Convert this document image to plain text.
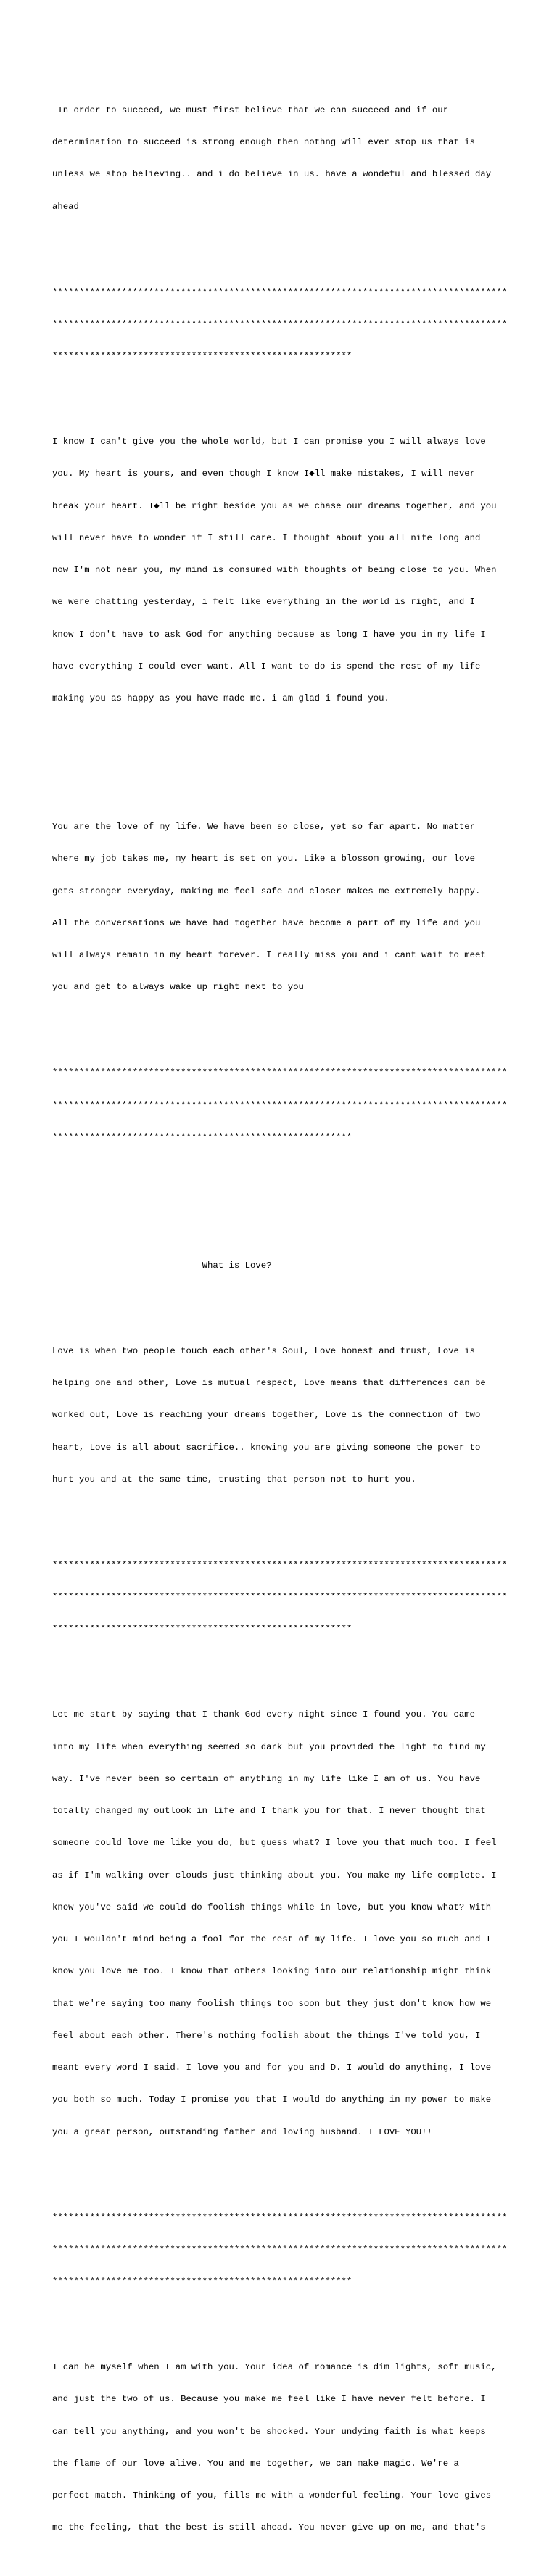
In order to succeed, we must first believe that we can succeed and if our

determination to succeed is strong enough then nothng will ever stop us that is

unless we stop believing.. and i do believe in us. have a wondeful and blessed day

ahead

*************************************************************************************

*************************************************************************************

********************************************************

I know I can't give you the whole world, but I can promise you I will always love

you. My heart is yours, and even though I know I◆ll make mistakes, I will never

break your heart. I◆ll be right beside you as we chase our dreams together, and you

will never have to wonder if I still care. I thought about you all nite long and

now I'm not near you, my mind is consumed with thoughts of being close to you. When

we were chatting yesterday, i felt like everything in the world is right, and I

know I don't have to ask God for anything because as long I have you in my life I

have everything I could ever want. All I want to do is spend the rest of my life

making you as happy as you have made me. i am glad i found you.

You are the love of my life. We have been so close, yet so far apart. No matter

where my job takes me, my heart is set on you. Like a blossom growing, our love

gets stronger everyday, making me feel safe and closer makes me extremely happy.

All the conversations we have had together have become a part of my life and you

will always remain in my heart forever. I really miss you and i cant wait to meet

you and get to always wake up right next to you

*************************************************************************************

*************************************************************************************

********************************************************

What is Love?

Love is when two people touch each other's Soul, Love honest and trust, Love is

helping one and other, Love is mutual respect, Love means that differences can be

worked out, Love is reaching your dreams together, Love is the connection of two

heart, Love is all about sacrifice.. knowing you are giving someone the power to

hurt you and at the same time, trusting that person not to hurt you.

*************************************************************************************

*************************************************************************************

********************************************************

Let me start by saying that I thank God every night since I found you. You came

into my life when everything seemed so dark but you provided the light to find my

way. I've never been so certain of anything in my life like I am of us. You have

totally changed my outlook in life and I thank you for that. I never thought that

someone could love me like you do, but guess what? I love you that much too. I feel

as if I'm walking over clouds just thinking about you. You make my life complete. I

know you've said we could do foolish things while in love, but you know what? With

you I wouldn't mind being a fool for the rest of my life. I love you so much and I

know you love me too. I know that others looking into our relationship might think

that we're saying too many foolish things too soon but they just don't know how we

feel about each other. There's nothing foolish about the things I've told you, I

meant every word I said. I love you and for you and D. I would do anything, I love

you both so much. Today I promise you that I would do anything in my power to make

you a great person, outstanding father and loving husband. I LOVE YOU!!

*************************************************************************************

*************************************************************************************

********************************************************

I can be myself when I am with you. Your idea of romance is dim lights, soft music,

and just the two of us. Because you make me feel like I have never felt before. I

can tell you anything, and you won't be shocked. Your undying faith is what keeps

the flame of our love alive. You and me together, we can make magic. We're a

perfect match. Thinking of you, fills me with a wonderful feeling. Your love gives

me the feeling, that the best is still ahead. You never give up on me, and that's
